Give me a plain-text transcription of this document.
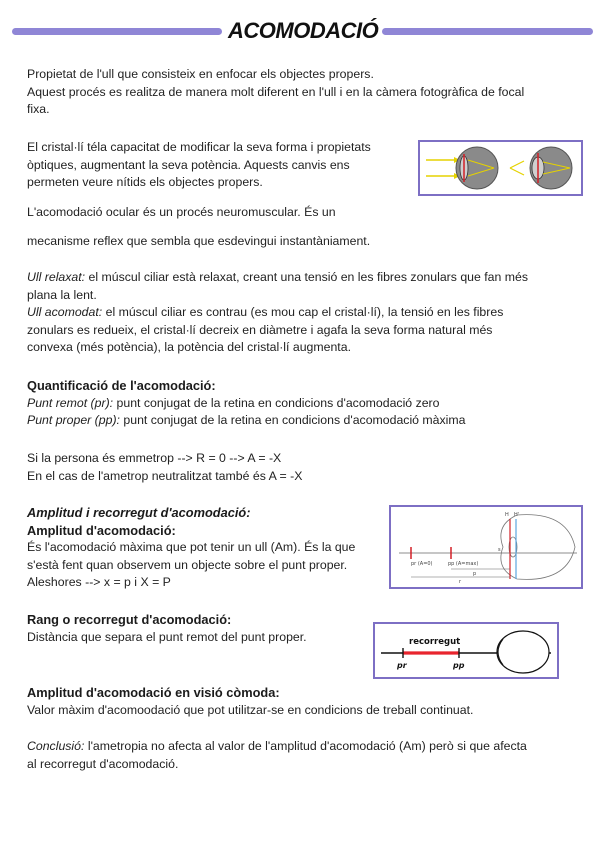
ACOMODACIÓ

Propietat de l'ull que consisteix en enfocar els objectes propers.

Aquest procés es realitza de manera molt diferent en l'ull i en la càmera fotogràfica de focal

fixa.

El cristal·lí téla capacitat de modificar la seva forma i propietats

òptiques, augmentant la seva potència. Aquests canvis ens

permeten veure nítids els objectes propers.

L'acomodació ocular és un procés neuromuscular. És un

mecanisme reflex que sembla que esdevingui instantàniament.

Ull relaxat: el múscul ciliar està relaxat, creant una tensió en les fibres zonulars que fan més

plana la lent.

Ull acomodat: el múscul ciliar es contrau (es mou cap el cristal·lí), la tensió en les fibres

zonulars es redueix, el cristal·lí decreix en diàmetre i agafa la seva forma natural més

convexa (més potència), la potència del cristal·lí augmenta.

Quantificació de l'acomodació:

Punt remot (pr): punt conjugat de la retina en condicions d'acomodació zero

Punt proper (pp): punt conjugat de la retina en condicions d'acomodació màxima

Si la persona és emmetrop --> R = 0 --> A = -X

En el cas de l'ametrop neutralitzat també és A = -X

Amplitud i recorregut d'acomodació:

Amplitud d'acomodació:

És l'acomodació màxima que pot tenir un ull (Am). És la que

s'està fent quan observem un objecte sobre el punt proper.

Aleshores --> x = p i X = P

H H'
pr (A=0)	pp (A=max)
p
r
s

Rang o recorregut d'acomodació:

Distància que separa el punt remot del punt proper.	recorregut
pr	pp

Amplitud d'acomodació en visió còmoda:

Valor màxim d'acomoodació que pot utilitzar-se en condicions de treball continuat.

Conclusió: l'ametropia no afecta al valor de l'amplitud d'acomodació (Am) però si que afecta

al recorregut d'acomodació.
